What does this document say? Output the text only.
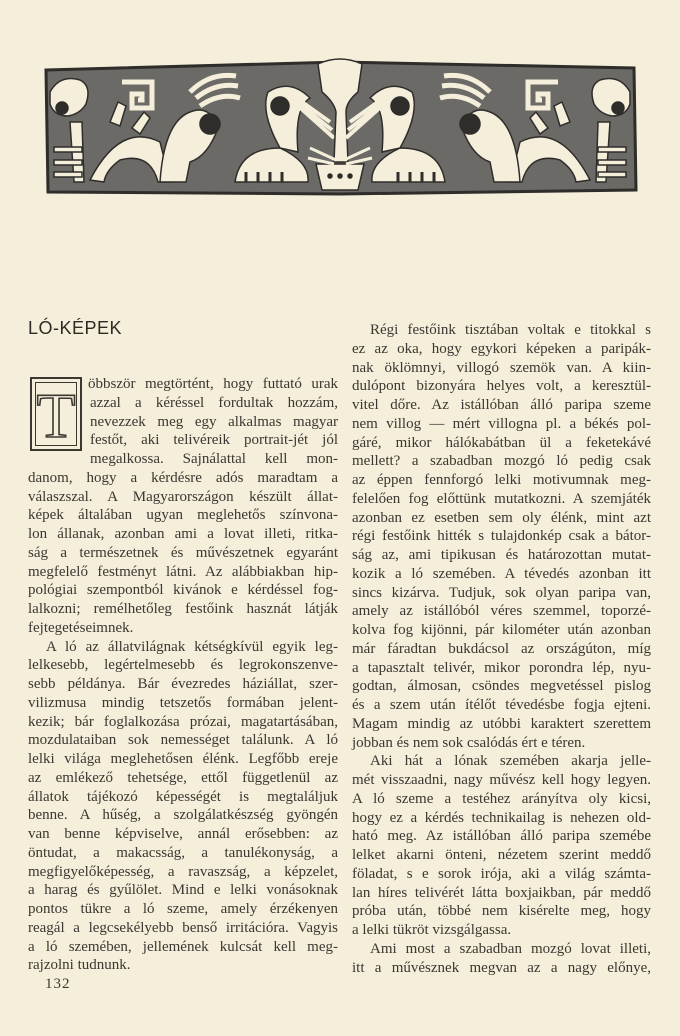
LÓ-KÉPEK
T öbbször megtörtént, hogy futtató urak
azzal a kéréssel fordultak hozzám,
nevezzek meg egy alkalmas magyar
festőt, aki telivéreik portrait-jét jól
megalkossa. Sajnálattal kell mon-
danom, hogy a kérdésre adós maradtam a
válaszszal. A Magyarországon készült állat-
képek általában ugyan meglehetős színvona-
lon állanak, azonban ami a lovat illeti, ritka-
ság a természetnek és művészetnek egyaránt
megfelelő festményt látni. Az alábbiakban hip-
pológiai szempontból kivánok e kérdéssel fog-
lalkozni; remélhetőleg festőink hasznát látják
fejtegetéseimnek.
A ló az állatvilágnak kétségkívül egyik leg-
lelkesebb, legértelmesebb és legrokonszenve-
sebb példánya. Bár évezredes háziállat, szer-
vilizmusa mindig tetszetős formában jelent-
kezik; bár foglalkozása prózai, magatartásában,
mozdulataiban sok nemességet találunk. A ló
lelki világa meglehetősen élénk. Legfőbb ereje
az emlékező tehetsége, ettől függetlenül az
állatok tájékozó képességét is megtaláljuk
benne. A hűség, a szolgálatkészség gyöngén
van benne képviselve, annál erősebben: az
öntudat, a makacsság, a tanulékonyság, a
megfigyelőképesség, a ravaszság, a képzelet,
a harag és gyűlölet. Mind e lelki vonásoknak
pontos tükre a ló szeme, amely érzékenyen
reagál a legcsekélyebb benső irritációra. Vagyis
a ló szemében, jellemének kulcsát kell meg-
rajzolni tudnunk.
Régi festőink tisztában voltak e titokkal s
ez az oka, hogy egykori képeken a paripák-
nak öklömnyi, villogó szemök van. A kiin-
dulópont bizonyára helyes volt, a keresztül-
vitel dőre. Az istállóban álló paripa szeme
nem villog — mért villogna pl. a békés pol-
gáré, mikor hálókabátban ül a feketekávé
mellett? a szabadban mozgó ló pedig csak
az éppen fennforgó lelki motivumnak meg-
felelően fog előttünk mutatkozni. A szemjáték
azonban ez esetben sem oly élénk, mint azt
régi festőink hitték s tulajdonkép csak a bátor-
ság az, ami tipikusan és határozottan mutat-
kozik a ló szemében. A tévedés azonban itt
sincs kizárva. Tudjuk, sok olyan paripa van,
amely az istállóból véres szemmel, toporzé-
kolva fog kijönni, pár kilométer után azonban
már fáradtan bukdácsol az országúton, míg
a tapasztalt telivér, mikor porondra lép, nyu-
godtan, álmosan, csöndes megvetéssel pislog
és a szem után ítélőt tévedésbe fogja ejteni.
Magam mindig az utóbbi karaktert szerettem
jobban és nem sok csalódás ért e téren.
Aki hát a lónak szemében akarja jelle-
mét visszaadni, nagy művész kell hogy legyen.
A ló szeme a testéhez arányítva oly kicsi,
hogy ez a kérdés technikailag is nehezen old-
ható meg. Az istállóban álló paripa szemébe
lelket akarni önteni, nézetem szerint meddő
föladat, s e sorok irója, aki a világ számta-
lan híres telivérét látta boxjaikban, pár meddő
próba után, többé nem kisérelte meg, hogy
a lelki tükröt vizsgálgassa.
Ami most a szabadban mozgó lovat illeti,
itt a művésznek megvan az a nagy előnye,
132
